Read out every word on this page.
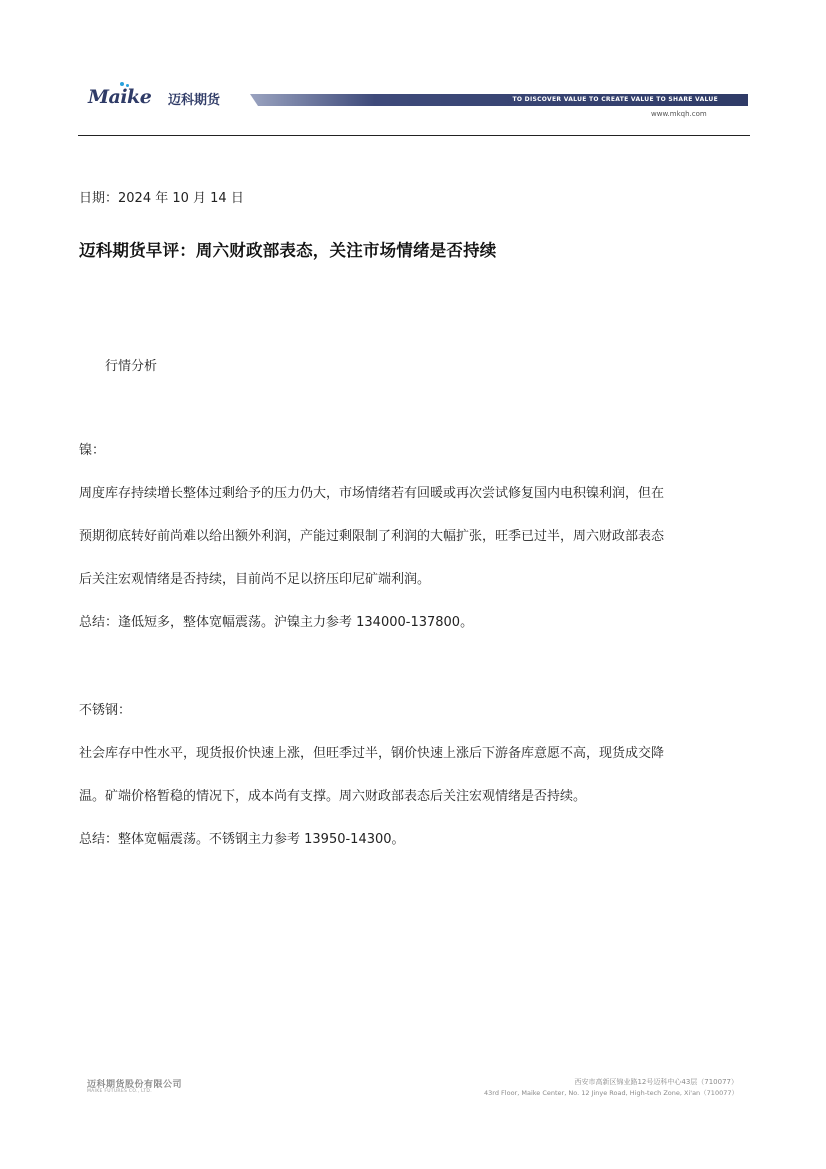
Maike 迈科期货	TO DISCOVER VALUE TO CREATE VALUE TO SHARE VALUE
www.mkqh.com
日期：2024 年 10 月 14 日
迈科期货早评：周六财政部表态，关注市场情绪是否持续
行情分析
镍：
周度库存持续增长整体过剩给予的压力仍大，市场情绪若有回暖或再次尝试修复国内电积镍利润，但在
预期彻底转好前尚难以给出额外利润，产能过剩限制了利润的大幅扩张，旺季已过半，周六财政部表态
后关注宏观情绪是否持续，目前尚不足以挤压印尼矿端利润。
总结：逢低短多，整体宽幅震荡。沪镍主力参考 134000-137800。
不锈钢：
社会库存中性水平，现货报价快速上涨，但旺季过半，钢价快速上涨后下游备库意愿不高，现货成交降
温。矿端价格暂稳的情况下，成本尚有支撑。周六财政部表态后关注宏观情绪是否持续。
总结：整体宽幅震荡。不锈钢主力参考 13950-14300。
迈科期货股份有限公司
MAIKE FUTURES CO., LTD.
西安市高新区锦业路12号迈科中心43层（710077）
43rd Floor, Maike Center, No. 12 Jinye Road, High-tech Zone, Xi'an（710077）
